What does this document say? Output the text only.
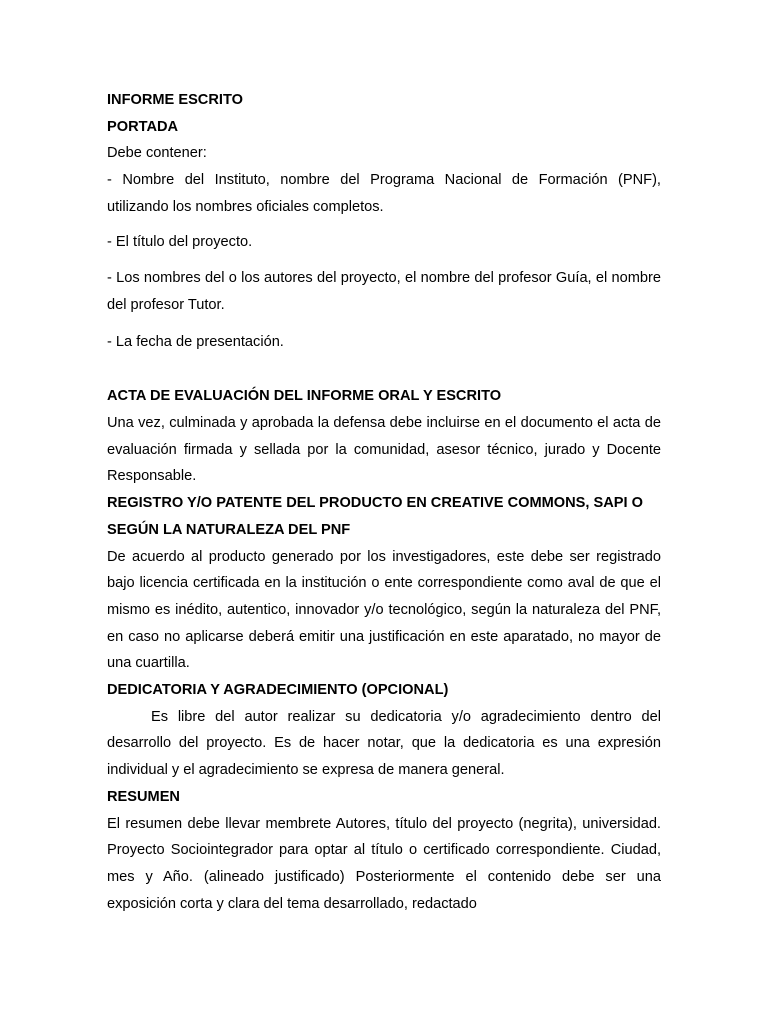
INFORME ESCRITO

PORTADA

Debe contener:

- Nombre del Instituto, nombre del Programa Nacional de Formación (PNF), utilizando los nombres oficiales completos.

- El título del proyecto.

- Los nombres del o los autores del proyecto, el nombre del profesor Guía, el nombre del profesor Tutor.

- La fecha de presentación.

ACTA DE EVALUACIÓN DEL INFORME ORAL Y ESCRITO

Una vez, culminada y aprobada la defensa debe incluirse en el documento el acta de evaluación firmada y sellada por la comunidad, asesor técnico, jurado y Docente Responsable.

REGISTRO Y/O PATENTE DEL PRODUCTO EN CREATIVE COMMONS, SAPI O SEGÚN LA NATURALEZA DEL PNF

De acuerdo al producto generado por los investigadores, este debe ser registrado bajo licencia certificada en la institución o ente correspondiente como aval de que el mismo es inédito, autentico, innovador y/o tecnológico, según la naturaleza del PNF, en caso no aplicarse deberá emitir una justificación en este aparatado, no mayor de una cuartilla.

DEDICATORIA Y AGRADECIMIENTO (OPCIONAL)

Es libre del autor realizar su dedicatoria y/o agradecimiento dentro del desarrollo del proyecto. Es de hacer notar, que la dedicatoria es una expresión individual y el agradecimiento se expresa de manera general.

RESUMEN

El resumen debe llevar membrete Autores, título del proyecto (negrita), universidad. Proyecto Sociointegrador para optar al título o certificado correspondiente. Ciudad, mes y Año. (alineado justificado) Posteriormente el contenido debe ser una exposición corta y clara del tema desarrollado, redactado
